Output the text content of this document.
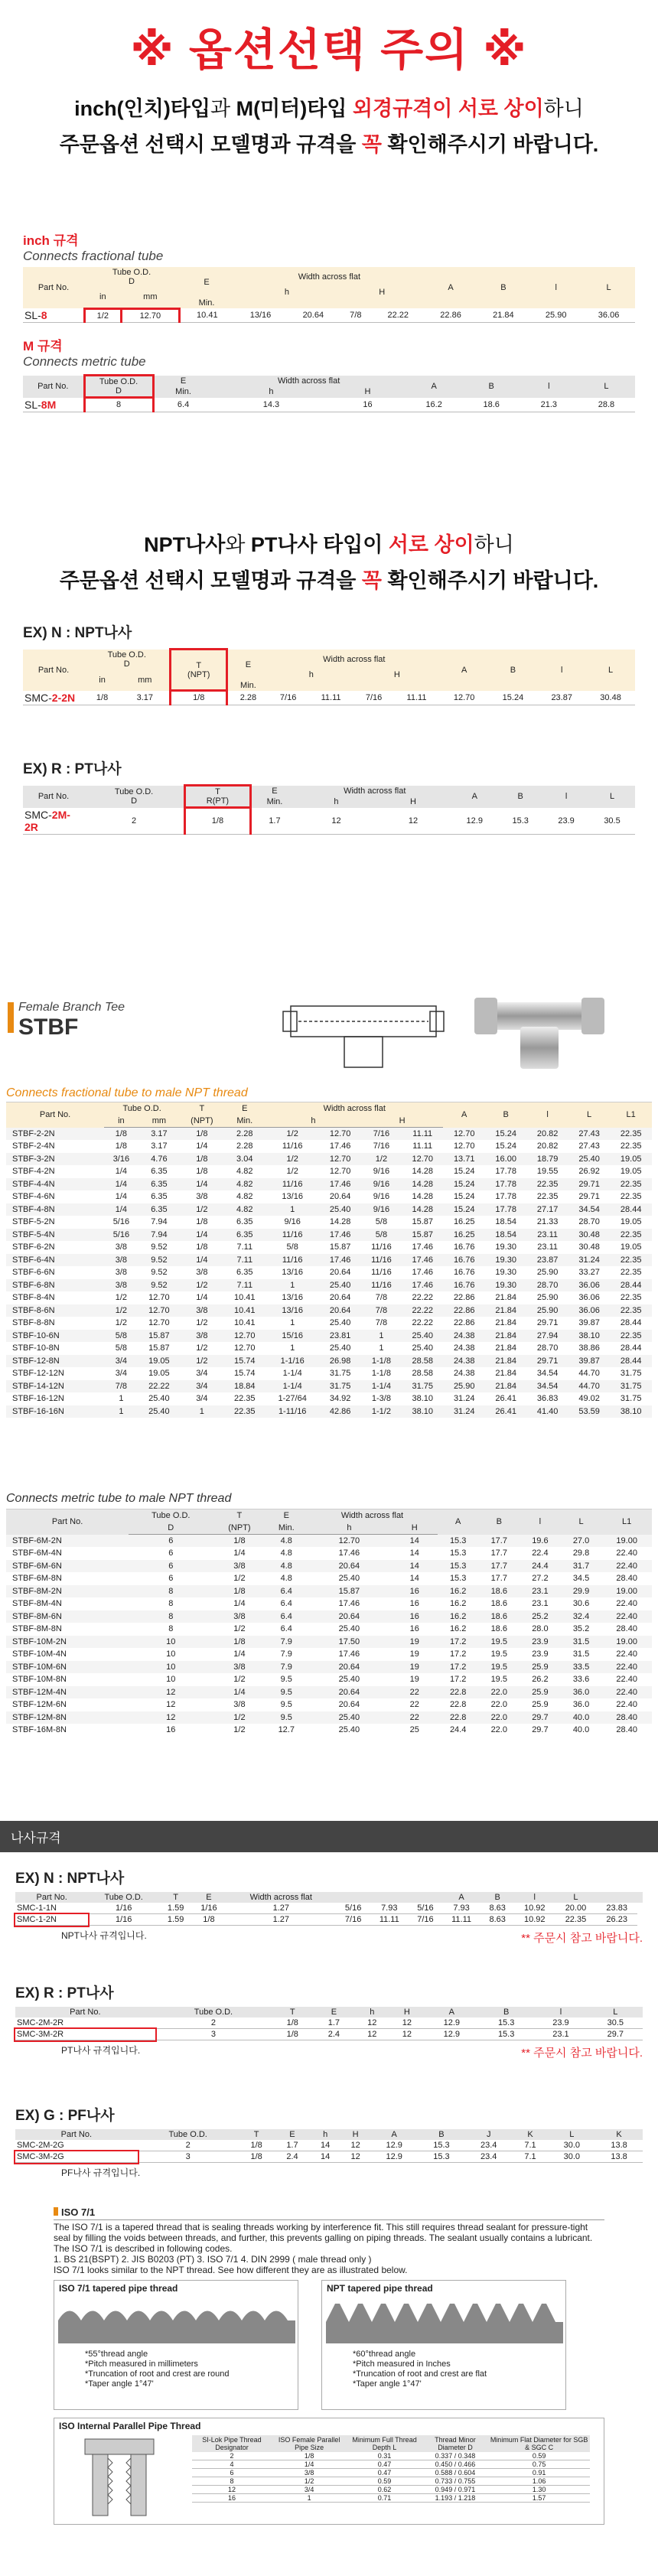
※ 옵션선택 주의 ※
inch(인치)타입과 M(미터)타입 외경규격이 서로 상이하니
주문옵션 선택시 모델명과 규격을 꼭 확인해주시기 바랍니다.
inch 규격
Connects fractional tube
Part No.	Tube O.D.
D		E	Width across flat				A	B	l	L
	in	mm		h		H					
			Min.								
SL-8	1/2	12.70	10.41	13/16	20.64	7/8	22.22	22.86	21.84	25.90	36.06
M 규격
Connects metric tube
Part No.	Tube O.D.
D	E	Width across flat		A	B	l	L
		Min.	h	H				
SL-8M	8	6.4	14.3	16	16.2	18.6	21.3	28.8
NPT나사와 PT나사 타입이 서로 상이하니
주문옵션 선택시 모델명과 규격을 꼭 확인해주시기 바랍니다.
EX) N : NPT나사
Part No.	Tube O.D.
D		T
(NPT)	E	Width across flat				A	B	l	L
	in	mm			h		H					
				Min.								
SMC-2-2N	1/8	3.17	1/8	2.28	7/16	11.11	7/16	11.11	12.70	15.24	23.87	30.48
EX) R : PT나사
Part No.	Tube O.D.
D	T
R(PT)	E	Width across flat		A	B	l	L
			Min.	h	H				
SMC-2M-2R	2	1/8	1.7	12	12	12.9	15.3	23.9	30.5
Female Branch Tee
STBF
Connects fractional tube to male NPT thread
Part No.	Tube O.D.		T	E	Width across flat				A	B	l	L	L1
	in	mm	(NPT)	Min.	h		H						
STBF-2-2N	1/8	3.17	1/8	2.28	1/2	12.70	7/16	11.11	12.70	15.24	20.82	27.43	22.35
STBF-2-4N	1/8	3.17	1/4	2.28	11/16	17.46	7/16	11.11	12.70	15.24	20.82	27.43	22.35
STBF-3-2N	3/16	4.76	1/8	3.04	1/2	12.70	1/2	12.70	13.71	16.00	18.79	25.40	19.05
STBF-4-2N	1/4	6.35	1/8	4.82	1/2	12.70	9/16	14.28	15.24	17.78	19.55	26.92	19.05
STBF-4-4N	1/4	6.35	1/4	4.82	11/16	17.46	9/16	14.28	15.24	17.78	22.35	29.71	22.35
STBF-4-6N	1/4	6.35	3/8	4.82	13/16	20.64	9/16	14.28	15.24	17.78	22.35	29.71	22.35
STBF-4-8N	1/4	6.35	1/2	4.82	1	25.40	9/16	14.28	15.24	17.78	27.17	34.54	28.44
STBF-5-2N	5/16	7.94	1/8	6.35	9/16	14.28	5/8	15.87	16.25	18.54	21.33	28.70	19.05
STBF-5-4N	5/16	7.94	1/4	6.35	11/16	17.46	5/8	15.87	16.25	18.54	23.11	30.48	22.35
STBF-6-2N	3/8	9.52	1/8	7.11	5/8	15.87	11/16	17.46	16.76	19.30	23.11	30.48	19.05
STBF-6-4N	3/8	9.52	1/4	7.11	11/16	17.46	11/16	17.46	16.76	19.30	23.87	31.24	22.35
STBF-6-6N	3/8	9.52	3/8	6.35	13/16	20.64	11/16	17.46	16.76	19.30	25.90	33.27	22.35
STBF-6-8N	3/8	9.52	1/2	7.11	1	25.40	11/16	17.46	16.76	19.30	28.70	36.06	28.44
STBF-8-4N	1/2	12.70	1/4	10.41	13/16	20.64	7/8	22.22	22.86	21.84	25.90	36.06	22.35
STBF-8-6N	1/2	12.70	3/8	10.41	13/16	20.64	7/8	22.22	22.86	21.84	25.90	36.06	22.35
STBF-8-8N	1/2	12.70	1/2	10.41	1	25.40	7/8	22.22	22.86	21.84	29.71	39.87	28.44
STBF-10-6N	5/8	15.87	3/8	12.70	15/16	23.81	1	25.40	24.38	21.84	27.94	38.10	22.35
STBF-10-8N	5/8	15.87	1/2	12.70	1	25.40	1	25.40	24.38	21.84	28.70	38.86	28.44
STBF-12-8N	3/4	19.05	1/2	15.74	1-1/16	26.98	1-1/8	28.58	24.38	21.84	29.71	39.87	28.44
STBF-12-12N	3/4	19.05	3/4	15.74	1-1/4	31.75	1-1/8	28.58	24.38	21.84	34.54	44.70	31.75
STBF-14-12N	7/8	22.22	3/4	18.84	1-1/4	31.75	1-1/4	31.75	25.90	21.84	34.54	44.70	31.75
STBF-16-12N	1	25.40	3/4	22.35	1-27/64	34.92	1-3/8	38.10	31.24	26.41	36.83	49.02	31.75
STBF-16-16N	1	25.40	1	22.35	1-11/16	42.86	1-1/2	38.10	31.24	26.41	41.40	53.59	38.10
Connects metric tube to male NPT thread
Part No.	Tube O.D.	T	E	Width across flat		A	B	l	L	L1
	D	(NPT)	Min.	h	H					
STBF-6M-2N	6	1/8	4.8	12.70	14	15.3	17.7	19.6	27.0	19.00
STBF-6M-4N	6	1/4	4.8	17.46	14	15.3	17.7	22.4	29.8	22.40
STBF-6M-6N	6	3/8	4.8	20.64	14	15.3	17.7	24.4	31.7	22.40
STBF-6M-8N	6	1/2	4.8	25.40	14	15.3	17.7	27.2	34.5	28.40
STBF-8M-2N	8	1/8	6.4	15.87	16	16.2	18.6	23.1	29.9	19.00
STBF-8M-4N	8	1/4	6.4	17.46	16	16.2	18.6	23.1	30.6	22.40
STBF-8M-6N	8	3/8	6.4	20.64	16	16.2	18.6	25.2	32.4	22.40
STBF-8M-8N	8	1/2	6.4	25.40	16	16.2	18.6	28.0	35.2	28.40
STBF-10M-2N	10	1/8	7.9	17.50	19	17.2	19.5	23.9	31.5	19.00
STBF-10M-4N	10	1/4	7.9	17.46	19	17.2	19.5	23.9	31.5	22.40
STBF-10M-6N	10	3/8	7.9	20.64	19	17.2	19.5	25.9	33.5	22.40
STBF-10M-8N	10	1/2	9.5	25.40	19	17.2	19.5	26.2	33.6	22.40
STBF-12M-4N	12	1/4	9.5	20.64	22	22.8	22.0	25.9	36.0	22.40
STBF-12M-6N	12	3/8	9.5	20.64	22	22.8	22.0	25.9	36.0	22.40
STBF-12M-8N	12	1/2	9.5	25.40	22	22.8	22.0	29.7	40.0	28.40
STBF-16M-8N	16	1/2	12.7	25.40	25	24.4	22.0	29.7	40.0	28.40
나사규격
EX) N : NPT나사
Part No.	Tube O.D.	T	E	Width across flat				A	B	l	L		
SMC-1-1N	1/16	1.59	1/16	1.27	5/16	7.93	5/16	7.93	8.63	10.92	20.00	23.83	
SMC-1-2N	1/16	1.59	1/8	1.27	7/16	11.11	7/16	11.11	8.63	10.92	22.35	26.23	
NPT나사 규격입니다.	** 주문시 참고 바랍니다.
EX) R : PT나사
Part No.	Tube O.D.	T	E	h	H	A	B	l	L
SMC-2M-2R	2	1/8	1.7	12	12	12.9	15.3	23.9	30.5
SMC-3M-2R	3	1/8	2.4	12	12	12.9	15.3	23.1	29.7
PT나사 규격입니다.	** 주문시 참고 바랍니다.
EX) G : PF나사
Part No.	Tube O.D.	T	E	h	H	A	B	J	K	L	K
SMC-2M-2G	2	1/8	1.7	14	12	12.9	15.3	23.4	7.1	30.0	13.8
SMC-3M-2G	3	1/8	2.4	14	12	12.9	15.3	23.4	7.1	30.0	13.8
PF나사 규격입니다.
ISO 7/1
The ISO 7/1 is a tapered thread that is sealing threads working by interference fit. This still requires thread sealant for pressure-tight seal by filling the voids between threads, and further, this prevents galling on piping threads. The sealant usually contains a lubricant.
The ISO 7/1 is described in following codes.
1. BS 21(BSPT) 2. JIS B0203 (PT) 3. ISO 7/1 4. DIN 2999 ( male thread only )
ISO 7/1 looks similar to the NPT thread. See how different they are as illustrated below.
ISO 7/1 tapered pipe thread
*55°thread angle
*Pitch measured in millimeters
*Truncation of root and crest are round
*Taper angle 1°47'
NPT tapered pipe thread
*60°thread angle
*Pitch measured in Inches
*Truncation of root and crest are flat
*Taper angle 1°47'
ISO Internal Parallel Pipe Thread
SI-Lok Pipe Thread Designator	ISO Female Parallel Pipe Size	Minimum Full Thread Depth L	Thread Minor Diameter D	Minimum Flat Diameter for SGB & SGC C
2	1/8	0.31	0.337 / 0.348	0.59
4	1/4	0.47	0.450 / 0.466	0.75
6	3/8	0.47	0.588 / 0.604	0.91
8	1/2	0.59	0.733 / 0.755	1.06
12	3/4	0.62	0.949 / 0.971	1.30
16	1	0.71	1.193 / 1.218	1.57
